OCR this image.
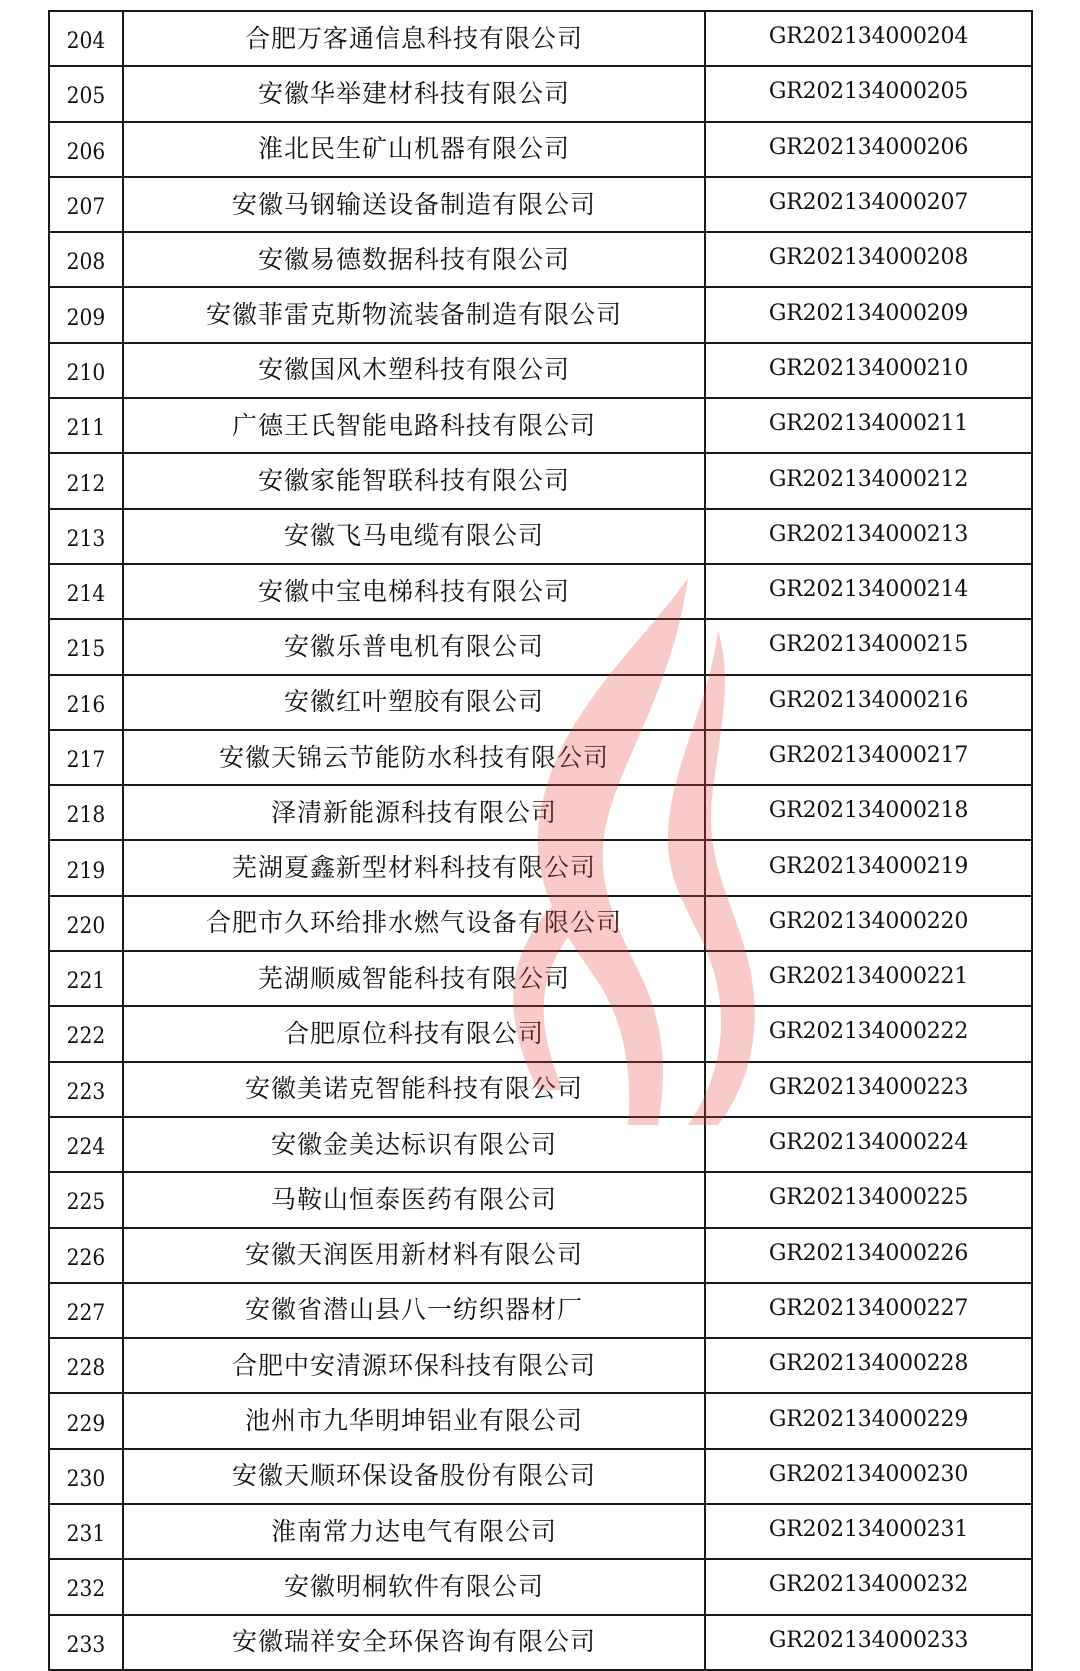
204	合肥万客通信息科技有限公司	GR202134000204
205	安徽华举建材科技有限公司	GR202134000205
206	淮北民生矿山机器有限公司	GR202134000206
207	安徽马钢输送设备制造有限公司	GR202134000207
208	安徽易德数据科技有限公司	GR202134000208
209	安徽菲雷克斯物流装备制造有限公司	GR202134000209
210	安徽国风木塑科技有限公司	GR202134000210
211	广德王氏智能电路科技有限公司	GR202134000211
212	安徽家能智联科技有限公司	GR202134000212
213	安徽飞马电缆有限公司	GR202134000213
214	安徽中宝电梯科技有限公司	GR202134000214
215	安徽乐普电机有限公司	GR202134000215
216	安徽红叶塑胶有限公司	GR202134000216
217	安徽天锦云节能防水科技有限公司	GR202134000217
218	泽清新能源科技有限公司	GR202134000218
219	芜湖夏鑫新型材料科技有限公司	GR202134000219
220	合肥市久环给排水燃气设备有限公司	GR202134000220
221	芜湖顺威智能科技有限公司	GR202134000221
222	合肥原位科技有限公司	GR202134000222
223	安徽美诺克智能科技有限公司	GR202134000223
224	安徽金美达标识有限公司	GR202134000224
225	马鞍山恒泰医药有限公司	GR202134000225
226	安徽天润医用新材料有限公司	GR202134000226
227	安徽省潜山县八一纺织器材厂	GR202134000227
228	合肥中安清源环保科技有限公司	GR202134000228
229	池州市九华明坤铝业有限公司	GR202134000229
230	安徽天顺环保设备股份有限公司	GR202134000230
231	淮南常力达电气有限公司	GR202134000231
232	安徽明桐软件有限公司	GR202134000232
233	安徽瑞祥安全环保咨询有限公司	GR202134000233
